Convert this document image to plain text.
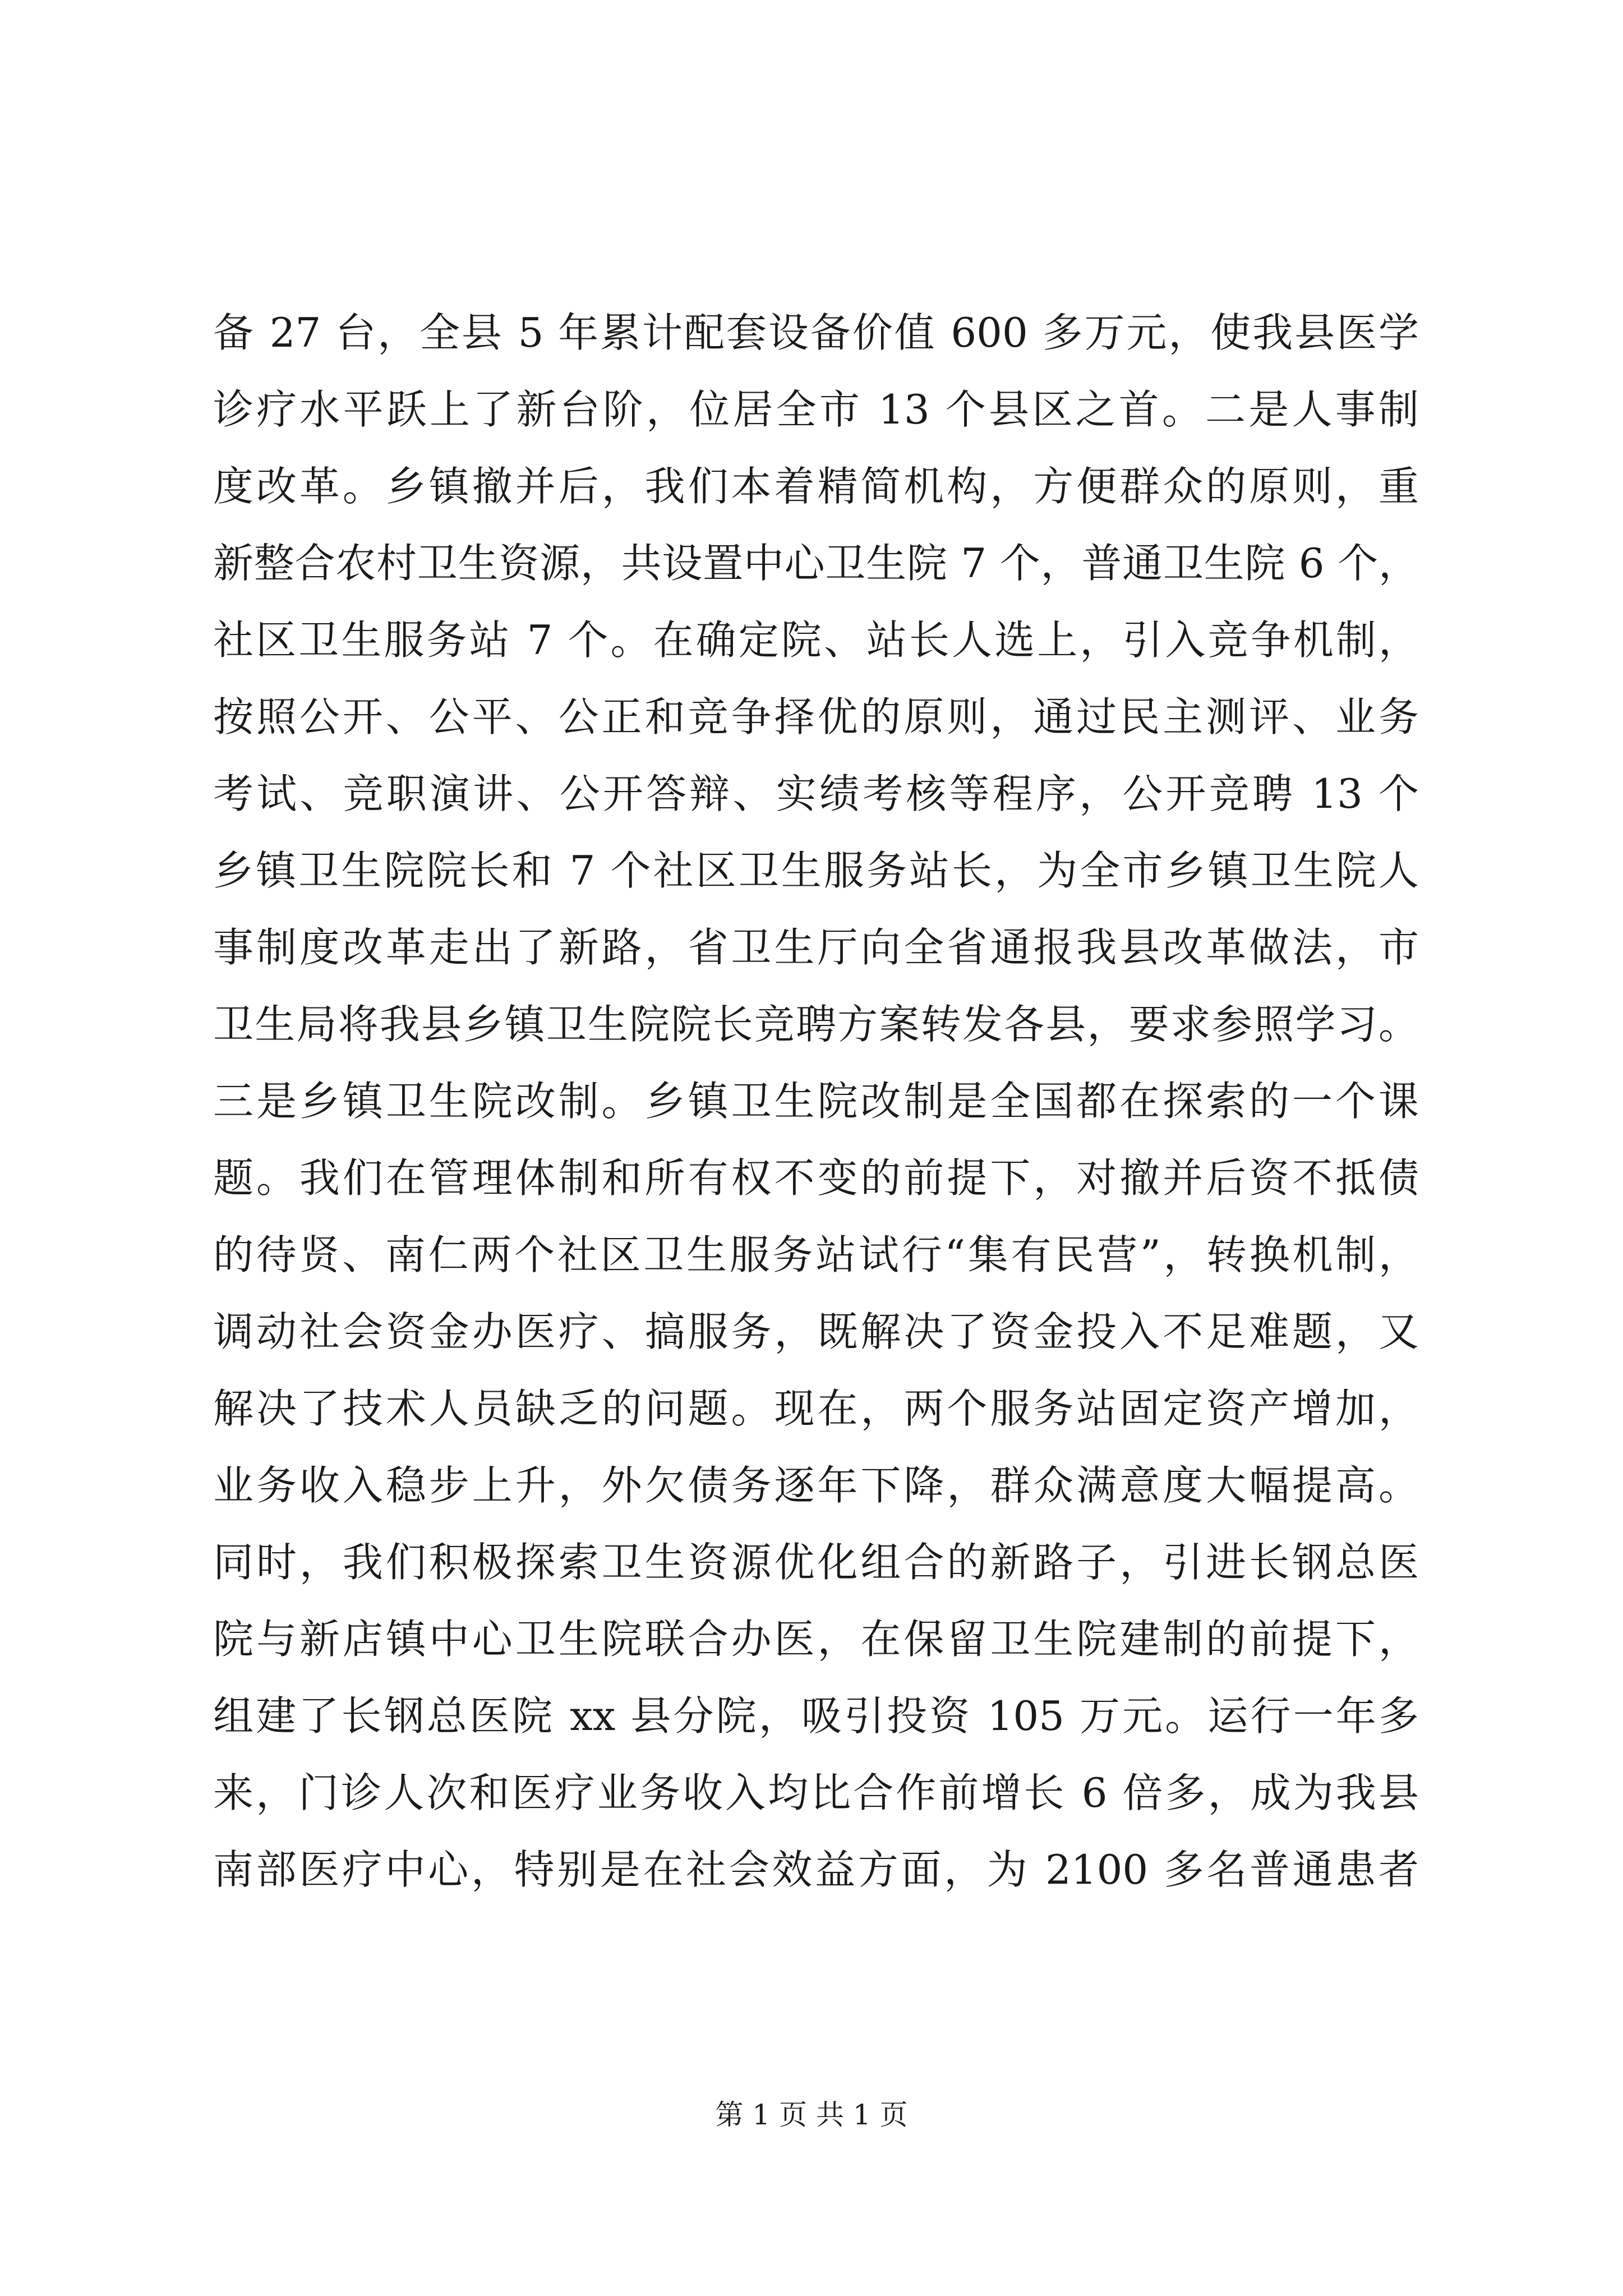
备 27 台，全县 5 年累计配套设备价值 600 多万元，使我县医学
诊疗水平跃上了新台阶，位居全市 13 个县区之首。二是人事制
度改革。乡镇撤并后，我们本着精简机构，方便群众的原则，重
新整合农村卫生资源，共设置中心卫生院 7 个，普通卫生院 6 个，
社区卫生服务站 7 个。在确定院、站长人选上，引入竞争机制，
按照公开、公平、公正和竞争择优的原则，通过民主测评、业务
考试、竞职演讲、公开答辩、实绩考核等程序，公开竞聘 13 个
乡镇卫生院院长和 7 个社区卫生服务站长，为全市乡镇卫生院人
事制度改革走出了新路，省卫生厅向全省通报我县改革做法，市
卫生局将我县乡镇卫生院院长竞聘方案转发各县，要求参照学习。
三是乡镇卫生院改制。乡镇卫生院改制是全国都在探索的一个课
题。我们在管理体制和所有权不变的前提下，对撤并后资不抵债
的待贤、南仁两个社区卫生服务站试行“集有民营”，转换机制，
调动社会资金办医疗、搞服务，既解决了资金投入不足难题，又
解决了技术人员缺乏的问题。现在，两个服务站固定资产增加，
业务收入稳步上升，外欠债务逐年下降，群众满意度大幅提高。
同时，我们积极探索卫生资源优化组合的新路子，引进长钢总医
院与新店镇中心卫生院联合办医，在保留卫生院建制的前提下，
组建了长钢总医院 xx 县分院，吸引投资 105 万元。运行一年多
来，门诊人次和医疗业务收入均比合作前增长 6 倍多，成为我县
南部医疗中心，特别是在社会效益方面，为 2100 多名普通患者
第 1 页 共 1 页
